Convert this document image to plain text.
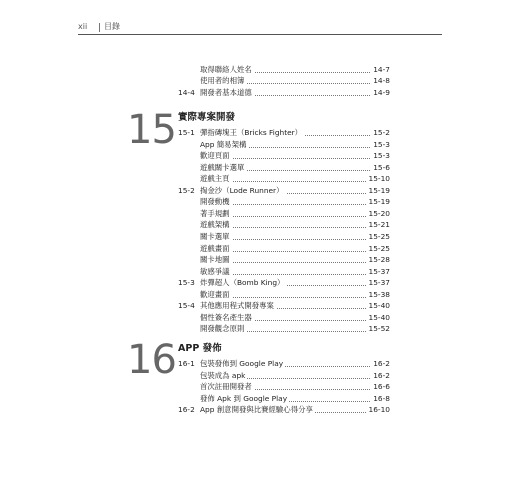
xii 目錄
取得聯絡人姓名	14-7
使用者的相簿	14-8
14-4 開發者基本道德	14-9
15 實際專案開發
15-1 彈指磚塊王（Bricks Fighter）	15-2
App 簡易架構	15-3
歡迎頁面	15-3
遊戲關卡選單	15-6
遊戲主頁	15-10
15-2 掏金沙（Lode Runner）	15-19
開發動機	15-19
著手規劃	15-20
遊戲架構	15-21
關卡選單	15-25
遊戲畫面	15-25
關卡地圖	15-28
敏感爭議	15-37
15-3 炸彈超人（Bomb King）	15-37
歡迎畫面	15-38
15-4 其他應用程式開發專案	15-40
個性簽名產生器	15-40
開發觀念原則	15-52
16 APP 發佈
16-1 包裝發佈到 Google Play	16-2
包裝成為 apk	16-2
首次註冊開發者	16-6
發佈 Apk 到 Google Play	16-8
16-2 App 創意開發與比賽經驗心得分享	16-10
